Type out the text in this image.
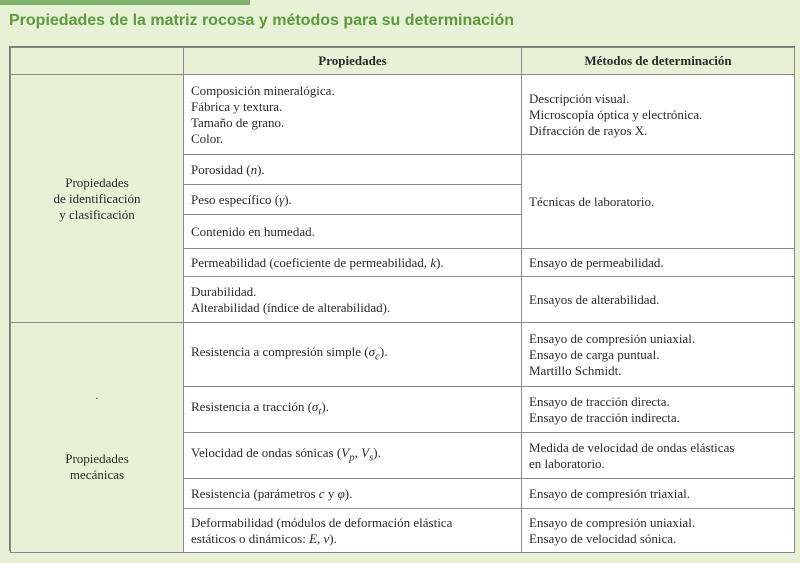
Propiedades de la matriz rocosa y métodos para su determinación
	Propiedades	Métodos de determinación

Propiedades
de identificación
y clasificación	Composición mineralógica.
Fábrica y textura.
Tamaño de grano.
Color.	Descripción visual.
Microscopía óptica y electrónica.
Difracción de rayos X.

	Porosidad (n).	Técnicas de laboratorio.

	Peso específico (γ).	
	Contenido en humedad.	
	Permeabilidad (coeficiente de permeabilidad, k).	Ensayo de permeabilidad.

	Durabilidad.
Alterabilidad (índice de alterabilidad).	Ensayos de alterabilidad.

·
Propiedades
mecánicas	Resistencia a compresión simple $(\sigma_c)$.	Ensayo de compresión uniaxial.
Ensayo de carga puntual.
Martillo Schmidt.

	Resistencia a tracción $(\sigma_t)$.	Ensayo de tracción directa.
Ensayo de tracción indirecta.

	Velocidad de ondas sónicas ($V_p$, $V_s$).	Medida de velocidad de ondas elásticas
en laboratorio.

	Resistencia (parámetros c y φ).	Ensayo de compresión triaxial.

	Deformabilidad (módulos de deformación elástica
estáticos o dinámicos: E, ν).	Ensayo de compresión uniaxial.
Ensayo de velocidad sónica.
